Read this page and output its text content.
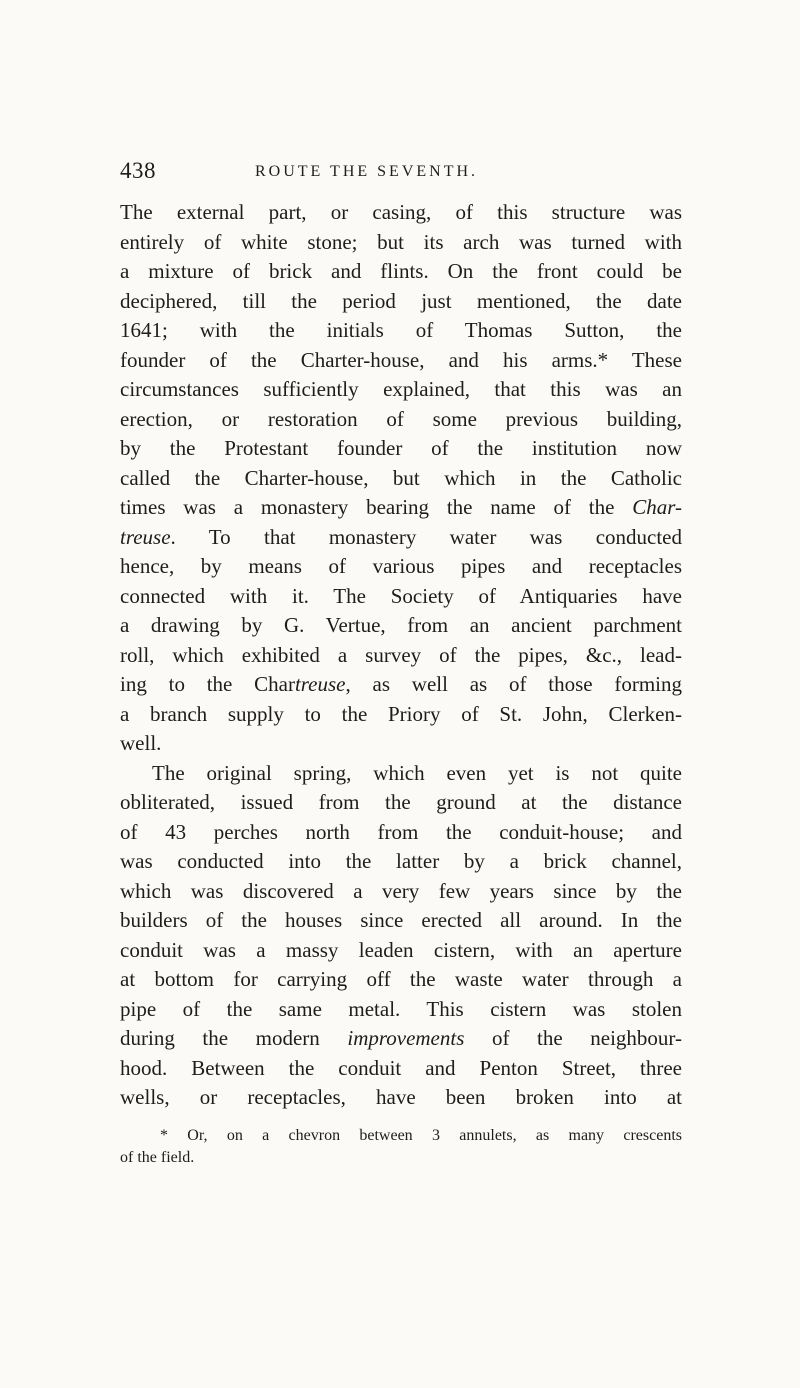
438	ROUTE THE SEVENTH.
The external part, or casing, of this structure was
entirely of white stone; but its arch was turned with
a mixture of brick and flints. On the front could be
deciphered, till the period just mentioned, the date
1641; with the initials of Thomas Sutton, the
founder of the Charter-house, and his arms.* These
circumstances sufficiently explained, that this was an
erection, or restoration of some previous building,
by the Protestant founder of the institution now
called the Charter-house, but which in the Catholic
times was a monastery bearing the name of the Char-
treuse. To that monastery water was conducted
hence, by means of various pipes and receptacles
connected with it. The Society of Antiquaries have
a drawing by G. Vertue, from an ancient parchment
roll, which exhibited a survey of the pipes, &c., lead-
ing to the Chartreuse, as well as of those forming
a branch supply to the Priory of St. John, Clerken-
well.
The original spring, which even yet is not quite
obliterated, issued from the ground at the distance
of 43 perches north from the conduit-house; and
was conducted into the latter by a brick channel,
which was discovered a very few years since by the
builders of the houses since erected all around. In the
conduit was a massy leaden cistern, with an aperture
at bottom for carrying off the waste water through a
pipe of the same metal. This cistern was stolen
during the modern improvements of the neighbour-
hood. Between the conduit and Penton Street, three
wells, or receptacles, have been broken into at
* Or, on a chevron between 3 annulets, as many crescents
of the field.
